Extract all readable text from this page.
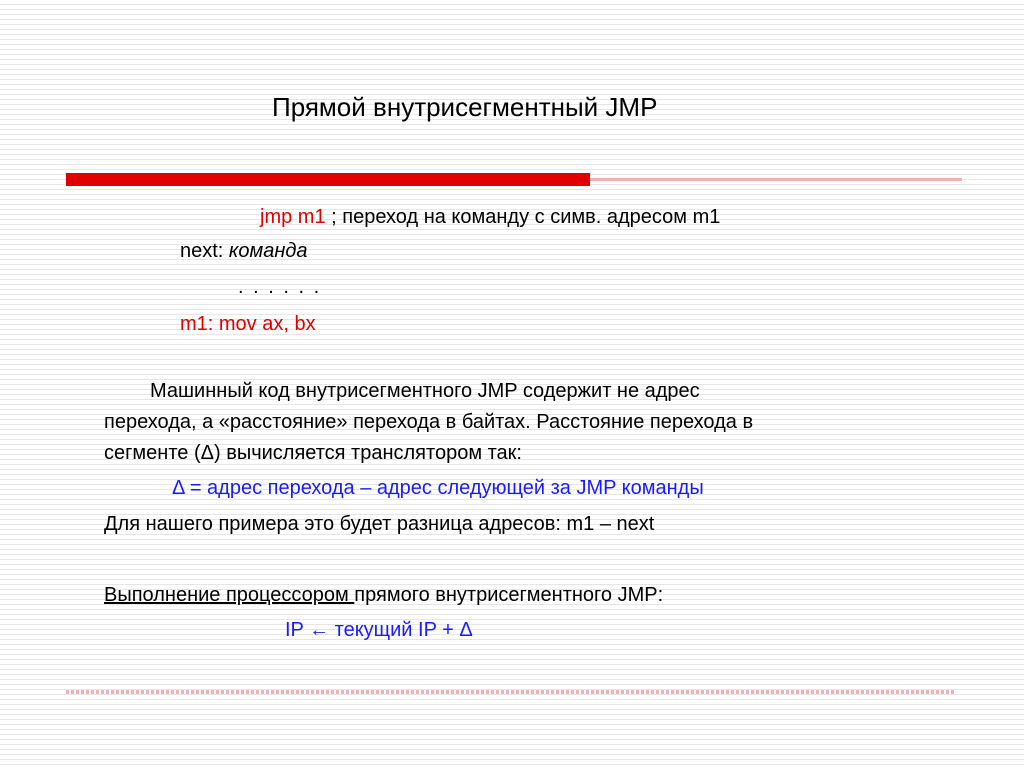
Прямой внутрисегментный JMP
jmp m1 ; переход на команду с симв. адресом m1
next: команда
. . . . . .
m1: mov ax, bx
Машинный код внутрисегментного JMP содержит не адрес
перехода, а «расстояние» перехода в байтах. Расстояние перехода в
сегменте (Δ) вычисляется транслятором так:
Δ = адрес перехода – адрес следующей за JMP команды
Для нашего примера это будет разница адресов: m1 – next
Выполнение процессором прямого внутрисегментного JMP:
IP ← текущий IP + Δ
